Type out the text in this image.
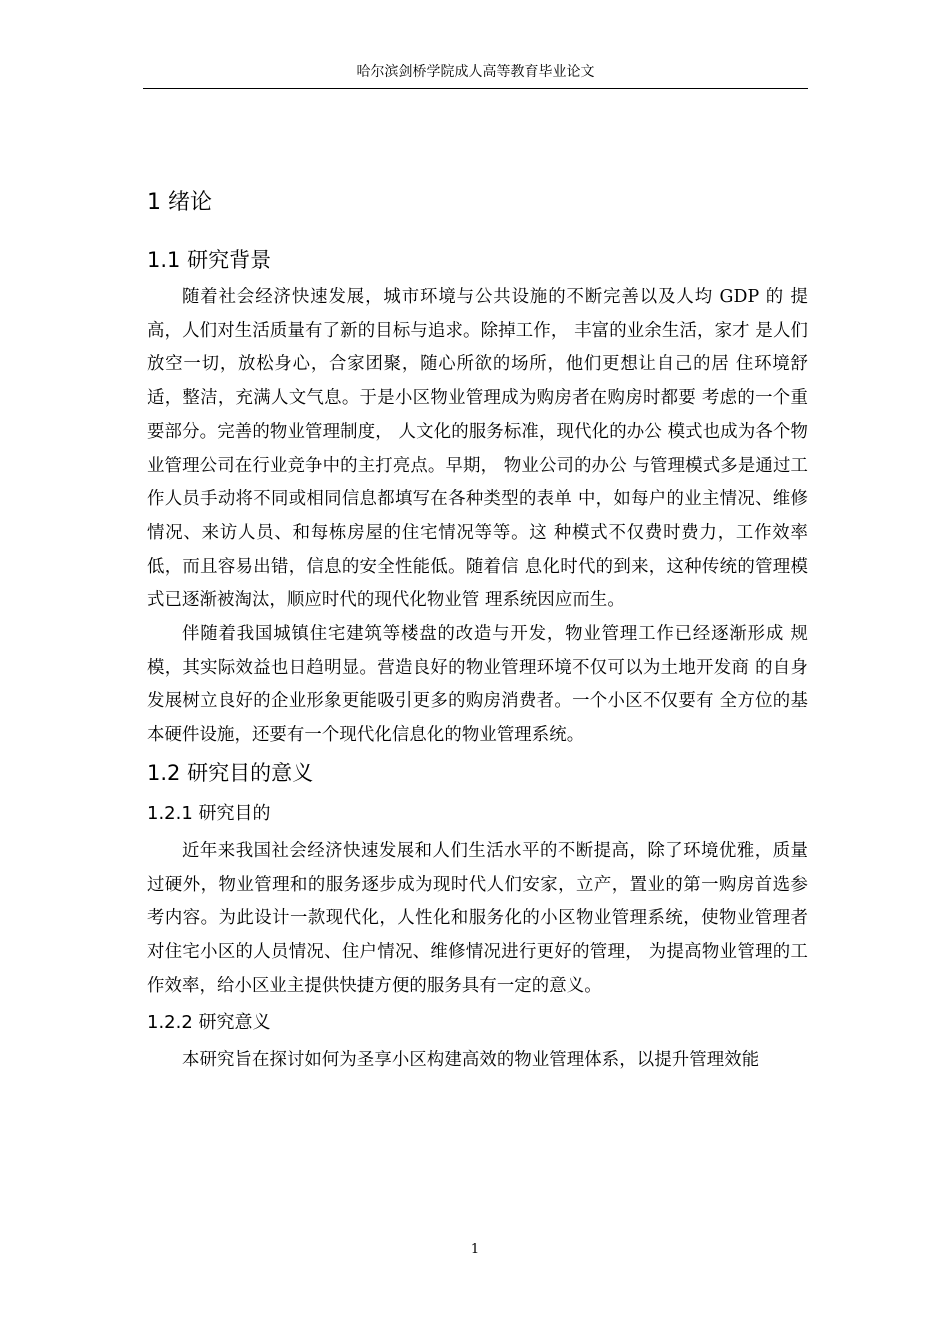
哈尔滨剑桥学院成人高等教育毕业论文
1 绪论
1.1 研究背景

随着社会经济快速发展，城市环境与公共设施的不断完善以及人均 GDP 的 提高，人们对生活质量有了新的目标与追求。除掉工作， 丰富的业余生活，家才 是人们放空一切，放松身心，合家团聚，随心所欲的场所，他们更想让自己的居 住环境舒适，整洁，充满人文气息。于是小区物业管理成为购房者在购房时都要 考虑的一个重要部分。完善的物业管理制度， 人文化的服务标准，现代化的办公 模式也成为各个物业管理公司在行业竞争中的主打亮点。早期， 物业公司的办公 与管理模式多是通过工作人员手动将不同或相同信息都填写在各种类型的表单 中，如每户的业主情况、维修情况、来访人员、和每栋房屋的住宅情况等等。这 种模式不仅费时费力，工作效率低，而且容易出错，信息的安全性能低。随着信 息化时代的到来，这种传统的管理模式已逐渐被淘汰，顺应时代的现代化物业管 理系统因应而生。

伴随着我国城镇住宅建筑等楼盘的改造与开发，物业管理工作已经逐渐形成 规模，其实际效益也日趋明显。营造良好的物业管理环境不仅可以为土地开发商 的自身发展树立良好的企业形象更能吸引更多的购房消费者。一个小区不仅要有 全方位的基本硬件设施，还要有一个现代化信息化的物业管理系统。

1.2 研究目的意义
1.2.1 研究目的

近年来我国社会经济快速发展和人们生活水平的不断提高，除了环境优雅，质量过硬外，物业管理和的服务逐步成为现时代人们安家，立产，置业的第一购房首选参考内容。为此设计一款现代化，人性化和服务化的小区物业管理系统，使物业管理者对住宅小区的人员情况、住户情况、维修情况进行更好的管理， 为提高物业管理的工作效率，给小区业主提供快捷方便的服务具有一定的意义。

1.2.2 研究意义

本研究旨在探讨如何为圣享小区构建高效的物业管理体系，以提升管理效能

1
